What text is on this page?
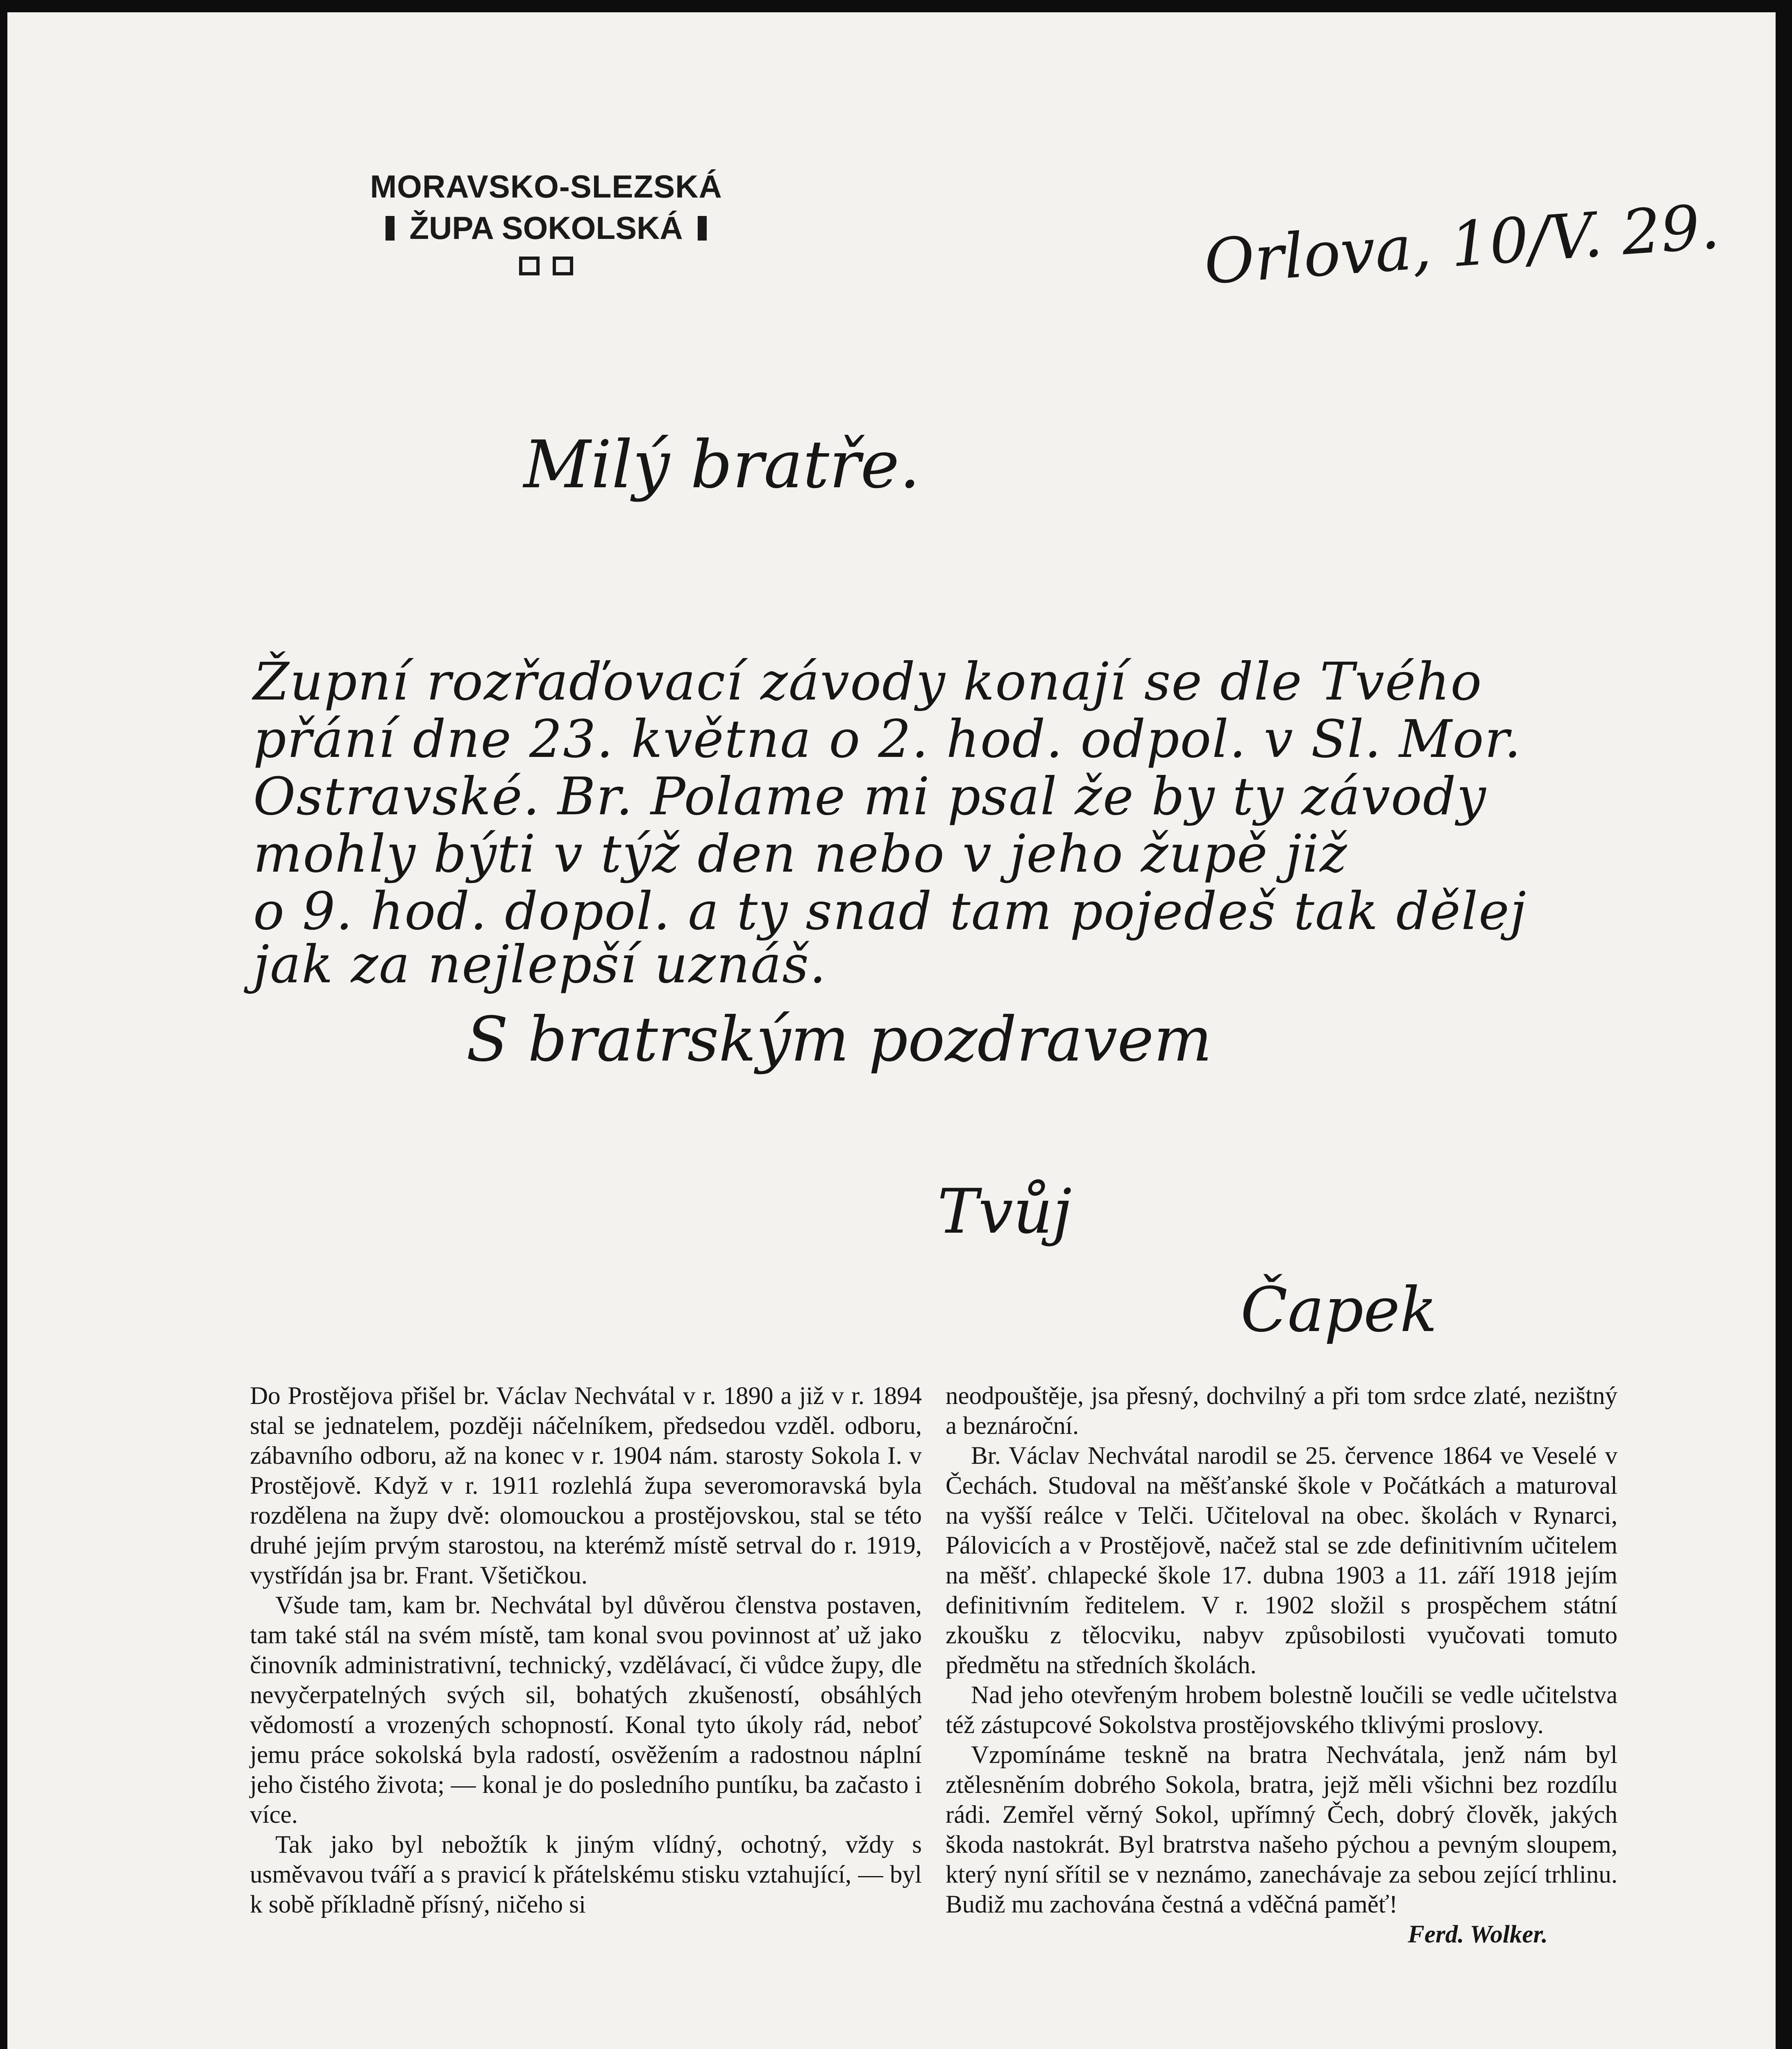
MORAVSKO-SLEZSKÁ
ŽUPA SOKOLSKÁ	Orlova, 10/V. 29.
Milý bratře.
Župní rozřaďovací závody konají se dle Tvého
přání dne 23. května o 2. hod. odpol. v Sl. Mor.
Ostravské. Br. Polame mi psal že by ty závody
mohly býti v týž den nebo v jeho župě již
o 9. hod. dopol. a ty snad tam pojedeš tak dělej
jak za nejlepší uznáš.
S bratrským pozdravem
Tvůj
Čapek

Do Prostějova přišel br. Václav Nechvátal v r. 1890 a již v r. 1894 stal se jednatelem, později náčelníkem, předsedou vzděl. odboru, zábavního odboru, až na konec v r. 1904 nám. starosty Sokola I. v Prostějově. Když v r. 1911 rozlehlá župa severomoravská byla rozdělena na župy dvě: olomouckou a prostějovskou, stal se této druhé jejím prvým starostou, na kterémž místě setrval do r. 1919, vystřídán jsa br. Frant. Všetičkou.

Všude tam, kam br. Nechvátal byl důvěrou členstva postaven, tam také stál na svém místě, tam konal svou povinnost ať už jako činovník administrativní, technický, vzdělávací, či vůdce župy, dle nevyčerpatelných svých sil, bohatých zkušeností, obsáhlých vědomostí a vrozených schopností. Konal tyto úkoly rád, neboť jemu práce sokolská byla radostí, osvěžením a radostnou náplní jeho čistého života; — konal je do posledního puntíku, ba začasto i více.

Tak jako byl nebožtík k jiným vlídný, ochotný, vždy s usměvavou tváří a s pravicí k přátelskému stisku vztahující, — byl k sobě příkladně přísný, ničeho si

neodpouštěje, jsa přesný, dochvilný a při tom srdce zlaté, nezištný a beznároční.

Br. Václav Nechvátal narodil se 25. července 1864 ve Veselé v Čechách. Studoval na měšťanské škole v Počátkách a maturoval na vyšší reálce v Telči. Učiteloval na obec. školách v Rynarci, Pálovicích a v Prostějově, načež stal se zde definitivním učitelem na měšť. chlapecké škole 17. dubna 1903 a 11. září 1918 jejím definitivním ředitelem. V r. 1902 složil s prospěchem státní zkoušku z tělocviku, nabyv způsobilosti vyučovati tomuto předmětu na středních školách.

Nad jeho otevřeným hrobem bolestně loučili se vedle učitelstva též zástupcové Sokolstva prostějovského tklivými proslovy.

Vzpomínáme teskně na bratra Nechvátala, jenž nám byl ztělesněním dobrého Sokola, bratra, jejž měli všichni bez rozdílu rádi. Zemřel věrný Sokol, upřímný Čech, dobrý člověk, jakých škoda nastokrát. Byl bratrstva našeho pýchou a pevným sloupem, který nyní sřítil se v neznámo, zanechávaje za sebou zející trhlinu. Budiž mu zachována čestná a vděčná paměť!

Ferd. Wolker.
